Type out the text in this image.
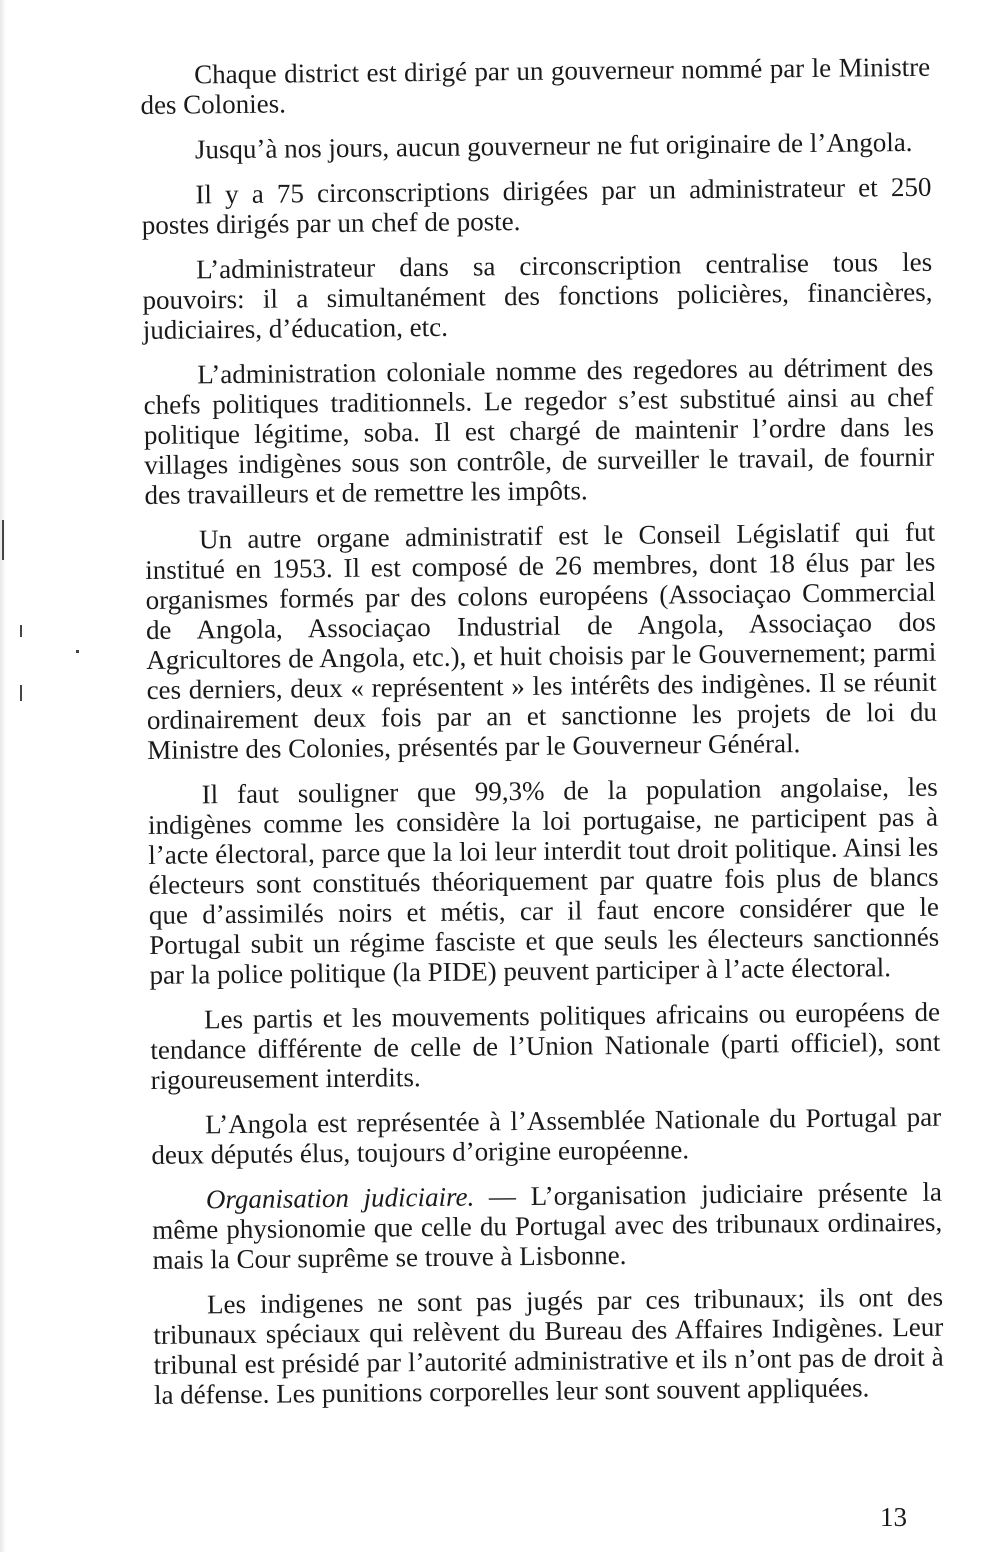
Chaque district est dirigé par un gouverneur nommé par le Ministre des Colonies.

Jusqu’à nos jours, aucun gouverneur ne fut originaire de l’Angola.

Il y a 75 circonscriptions dirigées par un administrateur et 250 postes dirigés par un chef de poste.

L’administrateur dans sa circonscription centralise tous les pouvoirs: il a simultanément des fonctions policières, financières, judiciaires, d’éducation, etc.

L’administration coloniale nomme des regedores au détriment des chefs politiques traditionnels. Le regedor s’est substitué ainsi au chef politique légitime, soba. Il est chargé de maintenir l’ordre dans les villages indigènes sous son contrôle, de surveiller le travail, de fournir des travailleurs et de remettre les impôts.

Un autre organe administratif est le Conseil Législatif qui fut institué en 1953. Il est composé de 26 membres, dont 18 élus par les organismes formés par des colons européens (Associaçao Commercial de Angola, Associaçao Industrial de Angola, Associaçao dos Agricultores de Angola, etc.), et huit choisis par le Gouvernement; parmi ces derniers, deux « représentent » les intérêts des indigènes. Il se réunit ordinairement deux fois par an et sanctionne les projets de loi du Ministre des Colonies, présentés par le Gouverneur Général.

Il faut souligner que 99,3% de la population angolaise, les indigènes comme les considère la loi portugaise, ne participent pas à l’acte électoral, parce que la loi leur interdit tout droit politique. Ainsi les électeurs sont constitués théoriquement par quatre fois plus de blancs que d’assimilés noirs et métis, car il faut encore considérer que le Portugal subit un régime fasciste et que seuls les électeurs sanctionnés par la police politique (la PIDE) peuvent participer à l’acte électoral.

Les partis et les mouvements politiques africains ou européens de tendance différente de celle de l’Union Nationale (parti officiel), sont rigoureusement interdits.

L’Angola est représentée à l’Assemblée Nationale du Portugal par deux députés élus, toujours d’origine européenne.

Organisation judiciaire. — L’organisation judiciaire présente la même physionomie que celle du Portugal avec des tribunaux ordinaires, mais la Cour suprême se trouve à Lisbonne.

Les indigenes ne sont pas jugés par ces tribunaux; ils ont des tribunaux spéciaux qui relèvent du Bureau des Affaires Indigènes. Leur tribunal est présidé par l’autorité administrative et ils n’ont pas de droit à la défense. Les punitions corporelles leur sont souvent appliquées.

13
